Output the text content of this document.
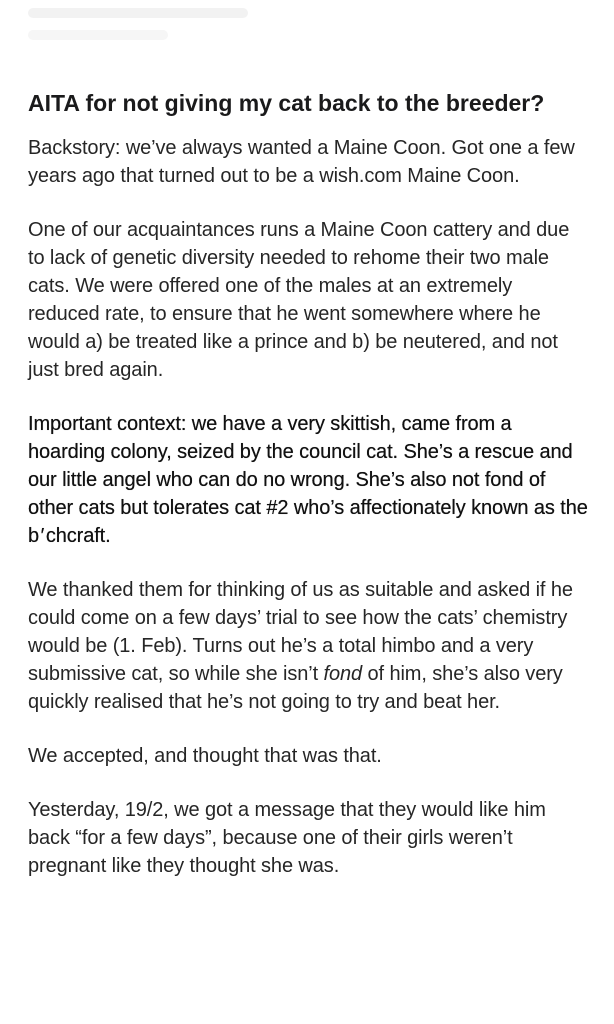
AITA for not giving my cat back to the breeder?

Backstory: we’ve always wanted a Maine Coon. Got one a few years ago that turned out to be a wish.com Maine Coon.

One of our acquaintances runs a Maine Coon cattery and due to lack of genetic diversity needed to rehome their two male cats. We were offered one of the males at an extremely reduced rate, to ensure that he went somewhere where he would a) be treated like a prince and b) be neutered, and not just bred again.

Important context: we have a very skittish, came from a hoarding colony, seized by the council cat. She’s a rescue and our little angel who can do no wrong. She’s also not fond of other cats but tolerates cat #2 who’s affectionately known as the b ′ chcraft.

We thanked them for thinking of us as suitable and asked if he could come on a few days’ trial to see how the cats’ chemistry would be (1. Feb). Turns out he’s a total himbo and a very submissive cat, so while she isn’t fond of him, she’s also very quickly realised that he’s not going to try and beat her.

We accepted, and thought that was that.

Yesterday, 19/2, we got a message that they would like him back “for a few days”, because one of their girls weren’t pregnant like they thought she was.
